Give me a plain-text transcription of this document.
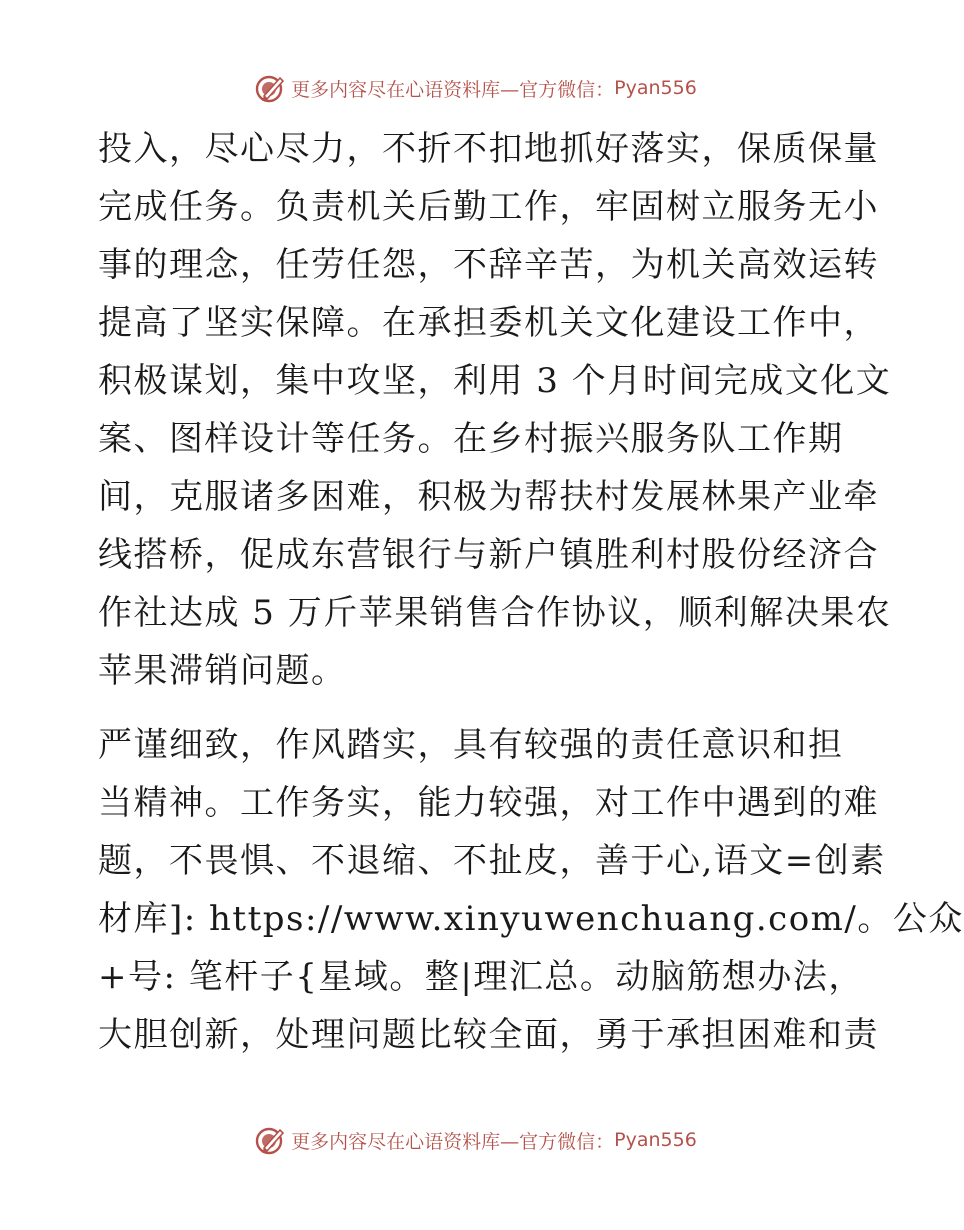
更多内容尽在心语资料库—官方微信： Pyan556
投入，尽心尽力，不折不扣地抓好落实，保质保量
完成任务。负责机关后勤工作，牢固树立服务无小
事的理念，任劳任怨，不辞辛苦，为机关高效运转
提高了坚实保障。在承担委机关文化建设工作中，
积极谋划，集中攻坚，利用 3 个月时间完成文化文
案、图样设计等任务。在乡村振兴服务队工作期
间，克服诸多困难，积极为帮扶村发展林果产业牵
线搭桥，促成东营银行与新户镇胜利村股份经济合
作社达成 5 万斤苹果销售合作协议，顺利解决果农
苹果滞销问题。
严谨细致，作风踏实，具有较强的责任意识和担
当精神。工作务实，能力较强，对工作中遇到的难
题，不畏惧、不退缩、不扯皮，善于心,语文=创素
材库]: https://www.xinyuwenchuang.com/。公众
+号: 笔杆子{星域。整|理汇总。动脑筋想办法，
大胆创新，处理问题比较全面，勇于承担困难和责
更多内容尽在心语资料库—官方微信： Pyan556
